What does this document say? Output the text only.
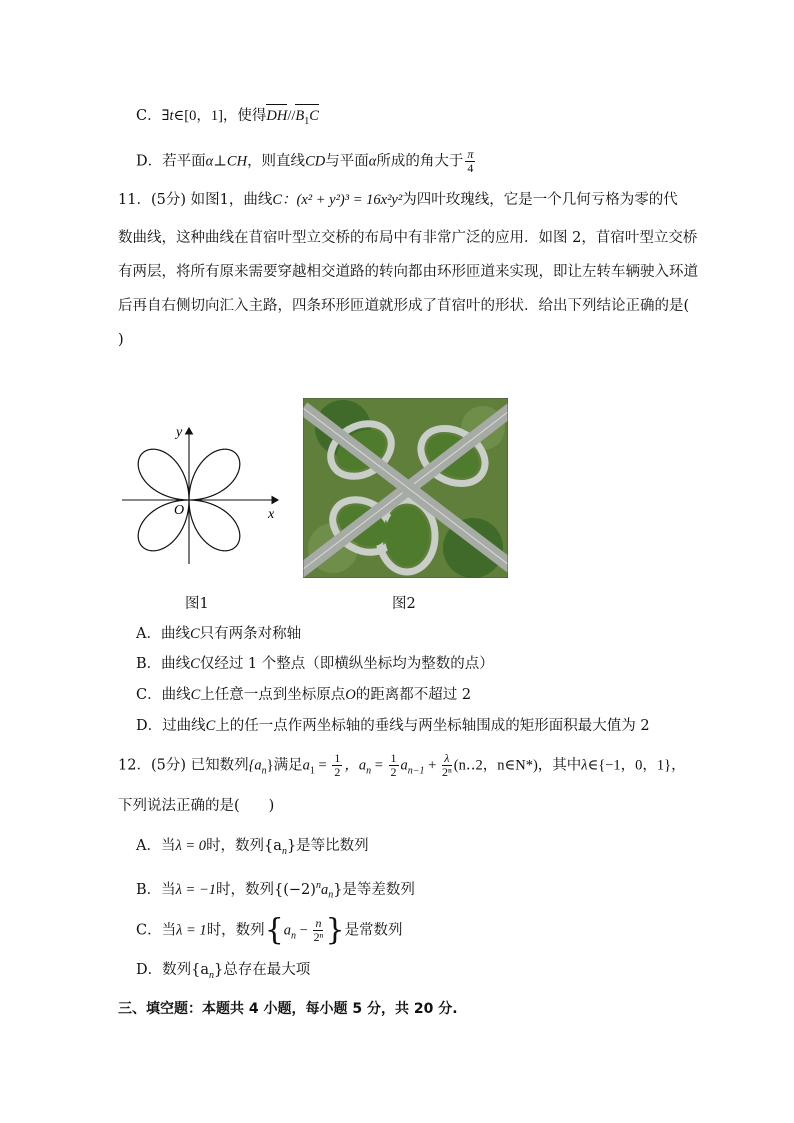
C．∃t∈[0，1]，使得$DH//B_1C$
D．若平面α⊥CH，则直线CD与平面α所成的角大于 $\frac{\pi}{4}$
11．(5分) 如图1，曲线C：(x² + y²)³ = 16x²y²为四叶玫瑰线，它是一个几何亏格为零的代
数曲线，这种曲线在苜宿叶型立交桥的布局中有非常广泛的应用．如图 2，苜宿叶型立交桥
有两层，将所有原来需要穿越相交道路的转向都由环形匝道来实现，即让左转车辆驶入环道
后再自右侧切向汇入主路，四条环形匝道就形成了苜宿叶的形状．给出下列结论正确的是(
)
y
x
O
图1	图2
A．曲线C只有两条对称轴
B．曲线C仅经过 1 个整点（即横纵坐标均为整数的点）
C．曲线C上任意一点到坐标原点O的距离都不超过 2
D．过曲线C上的任一点作两坐标轴的垂线与两坐标轴围成的矩形面积最大值为 2
12．(5分) 已知数列$\{a_n\}$满足$a_1 = \frac{1}{2}$ ，$a_n = \frac{1}{2} a_{n-1} + \frac{\lambda}{\text{2ⁿ}}$ (n‥2，n∈N*)，其中λ∈{−1，0，1}，
下列说法正确的是(　　)
A．当λ = 0时，数列$\{a_n\}$是等比数列
B．当λ = −1时，数列$\{(-2)^na_n\}$是等差数列
C．当λ = 1时，数列{$a_n - \frac{n}{\text{2ⁿ}}$ }是常数列
D．数列$\{a_n\}$总存在最大项
三、填空题：本题共 4 小题，每小题 5 分，共 20 分.
